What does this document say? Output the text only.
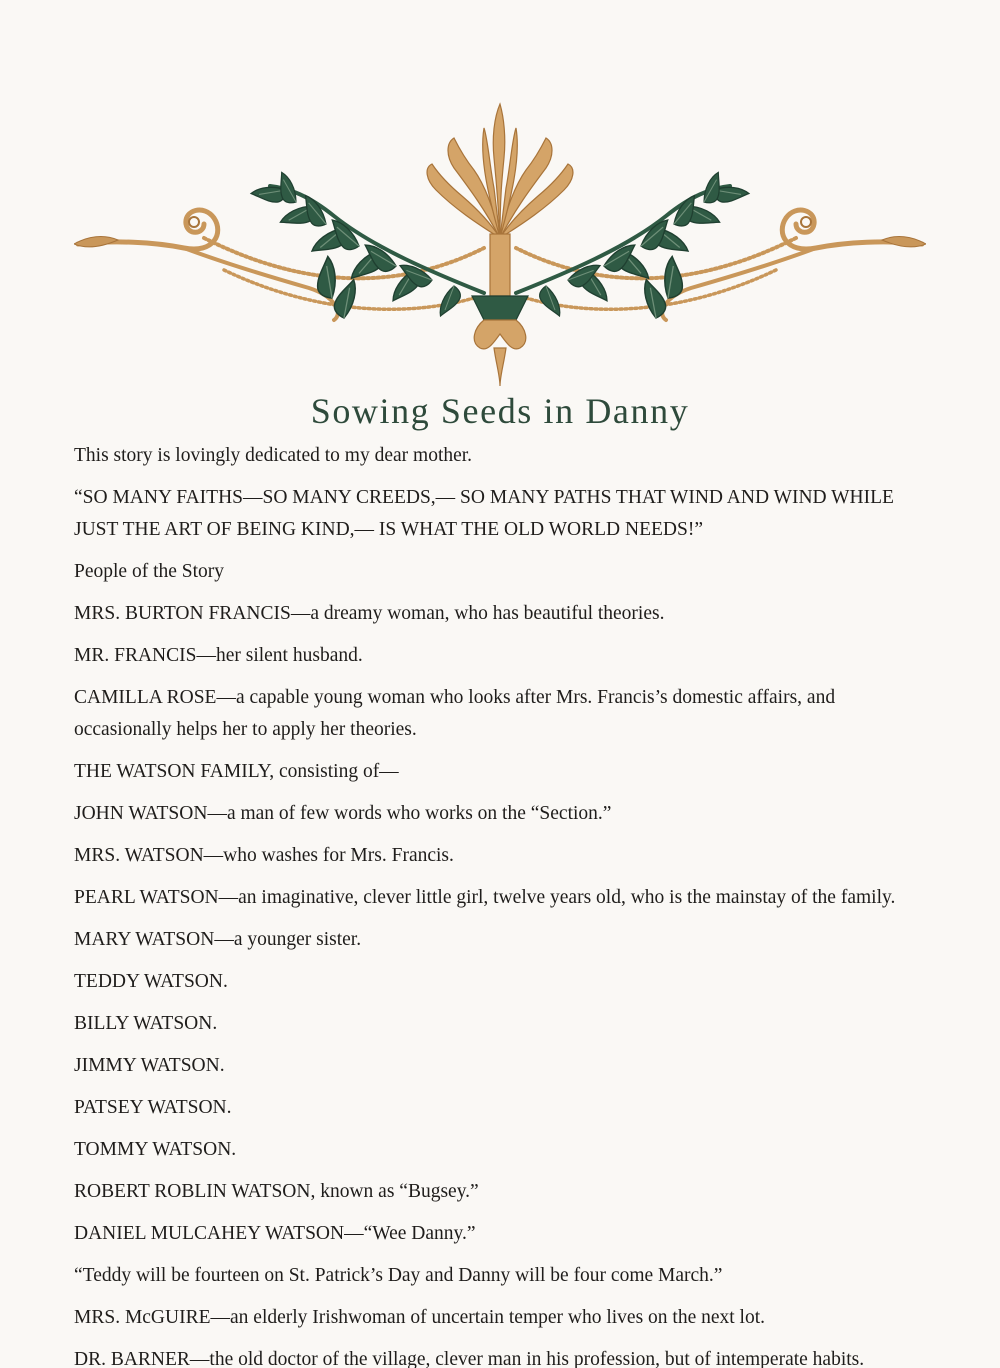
Sowing Seeds in Danny

This story is lovingly dedicated to my dear mother.

“SO MANY FAITHS—SO MANY CREEDS,— SO MANY PATHS THAT WIND AND WIND WHILE JUST THE ART OF BEING KIND,— IS WHAT THE OLD WORLD NEEDS!”

People of the Story

MRS. BURTON FRANCIS—a dreamy woman, who has beautiful theories.

MR. FRANCIS—her silent husband.

CAMILLA ROSE—a capable young woman who looks after Mrs. Francis’s domestic affairs, and occasionally helps her to apply her theories.

THE WATSON FAMILY, consisting of—

JOHN WATSON—a man of few words who works on the “Section.”

MRS. WATSON—who washes for Mrs. Francis.

PEARL WATSON—an imaginative, clever little girl, twelve years old, who is the mainstay of the family.

MARY WATSON—a younger sister.

TEDDY WATSON.

BILLY WATSON.

JIMMY WATSON.

PATSEY WATSON.

TOMMY WATSON.

ROBERT ROBLIN WATSON, known as “Bugsey.”

DANIEL MULCAHEY WATSON—“Wee Danny.”

“Teddy will be fourteen on St. Patrick’s Day and Danny will be four come March.”

MRS. McGUIRE—an elderly Irishwoman of uncertain temper who lives on the next lot.

DR. BARNER—the old doctor of the village, clever man in his profession, but of intemperate habits.
